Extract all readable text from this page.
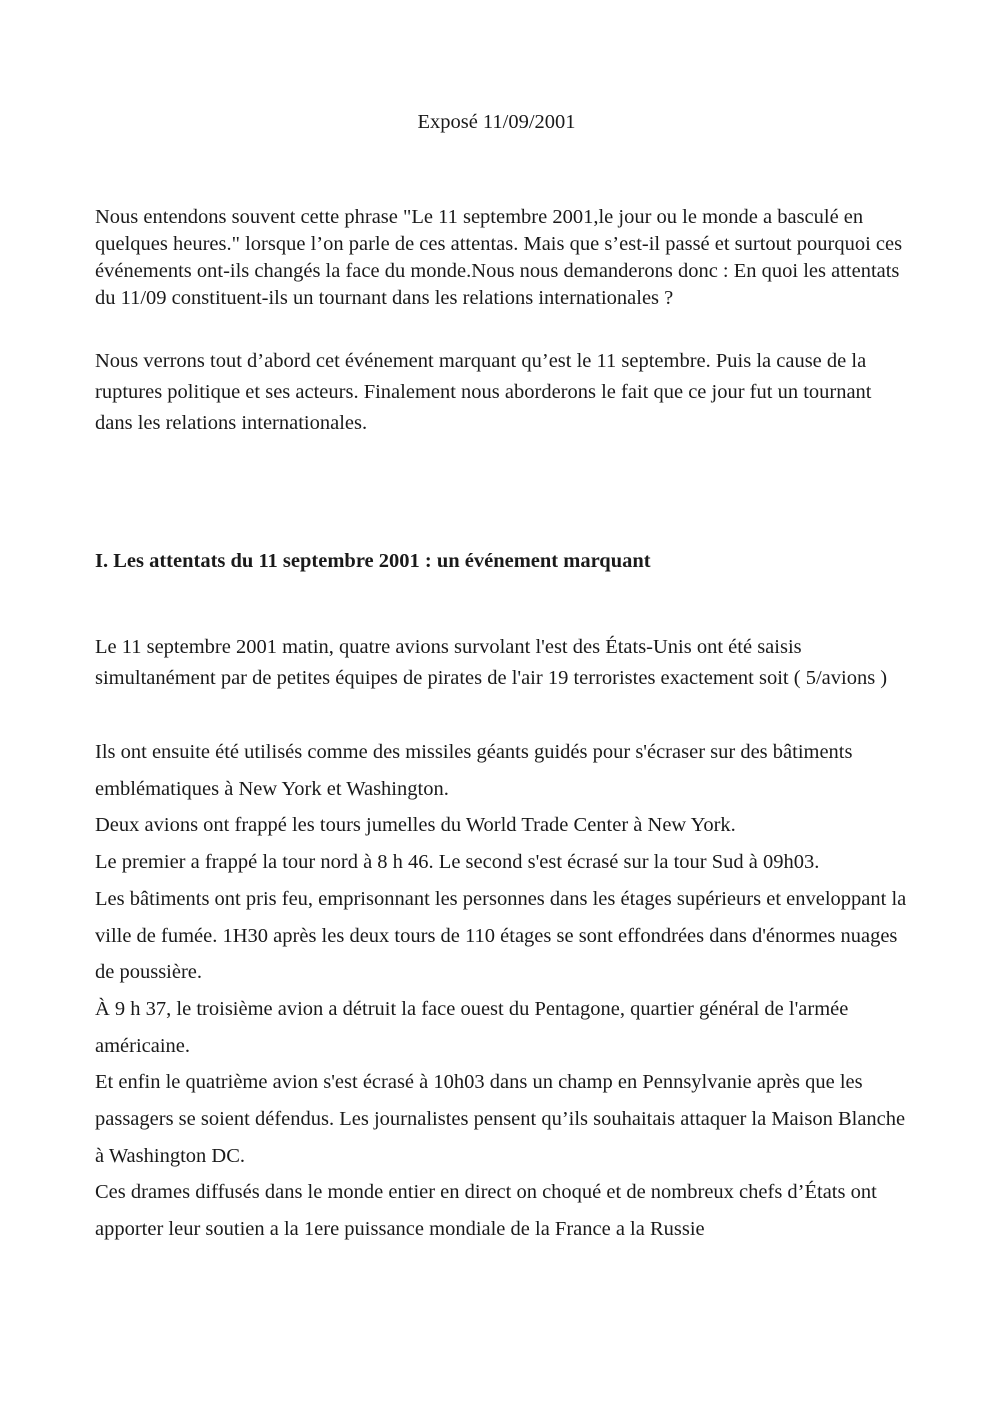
Exposé 11/09/2001

Nous entendons souvent cette phrase "Le 11 septembre 2001,le jour ou le monde a basculé en quelques heures." lorsque l’on parle de ces attentas. Mais que s’est-il passé et surtout pourquoi ces événements ont-ils changés la face du monde.Nous nous demanderons donc : En quoi les attentats du 11/09 constituent-ils un tournant dans les relations internationales ?

Nous verrons tout d’abord cet événement marquant qu’est le 11 septembre. Puis la cause de la ruptures politique et ses acteurs. Finalement nous aborderons le fait que ce jour fut un tournant dans les relations internationales.

I. Les attentats du 11 septembre 2001 : un événement marquant

Le 11 septembre 2001 matin, quatre avions survolant l'est des États-Unis ont été saisis simultanément par de petites équipes de pirates de l'air 19 terroristes exactement soit ( 5/avions )

Ils ont ensuite été utilisés comme des missiles géants guidés pour s'écraser sur des bâtiments emblématiques à New York et Washington.
Deux avions ont frappé les tours jumelles du World Trade Center à New York.
Le premier a frappé la tour nord à 8 h 46. Le second s'est écrasé sur la tour Sud à 09h03.
Les bâtiments ont pris feu, emprisonnant les personnes dans les étages supérieurs et enveloppant la ville de fumée. 1H30 après les deux tours de 110 étages se sont effondrées dans d'énormes nuages de poussière.
À 9 h 37, le troisième avion a détruit la face ouest du Pentagone, quartier général de l'armée américaine.
Et enfin le quatrième avion s'est écrasé à 10h03 dans un champ en Pennsylvanie après que les passagers se soient défendus. Les journalistes pensent qu’ils souhaitais attaquer la Maison Blanche à Washington DC.
Ces drames diffusés dans le monde entier en direct on choqué et de nombreux chefs d’États ont apporter leur soutien a la 1ere puissance mondiale de la France a la Russie
